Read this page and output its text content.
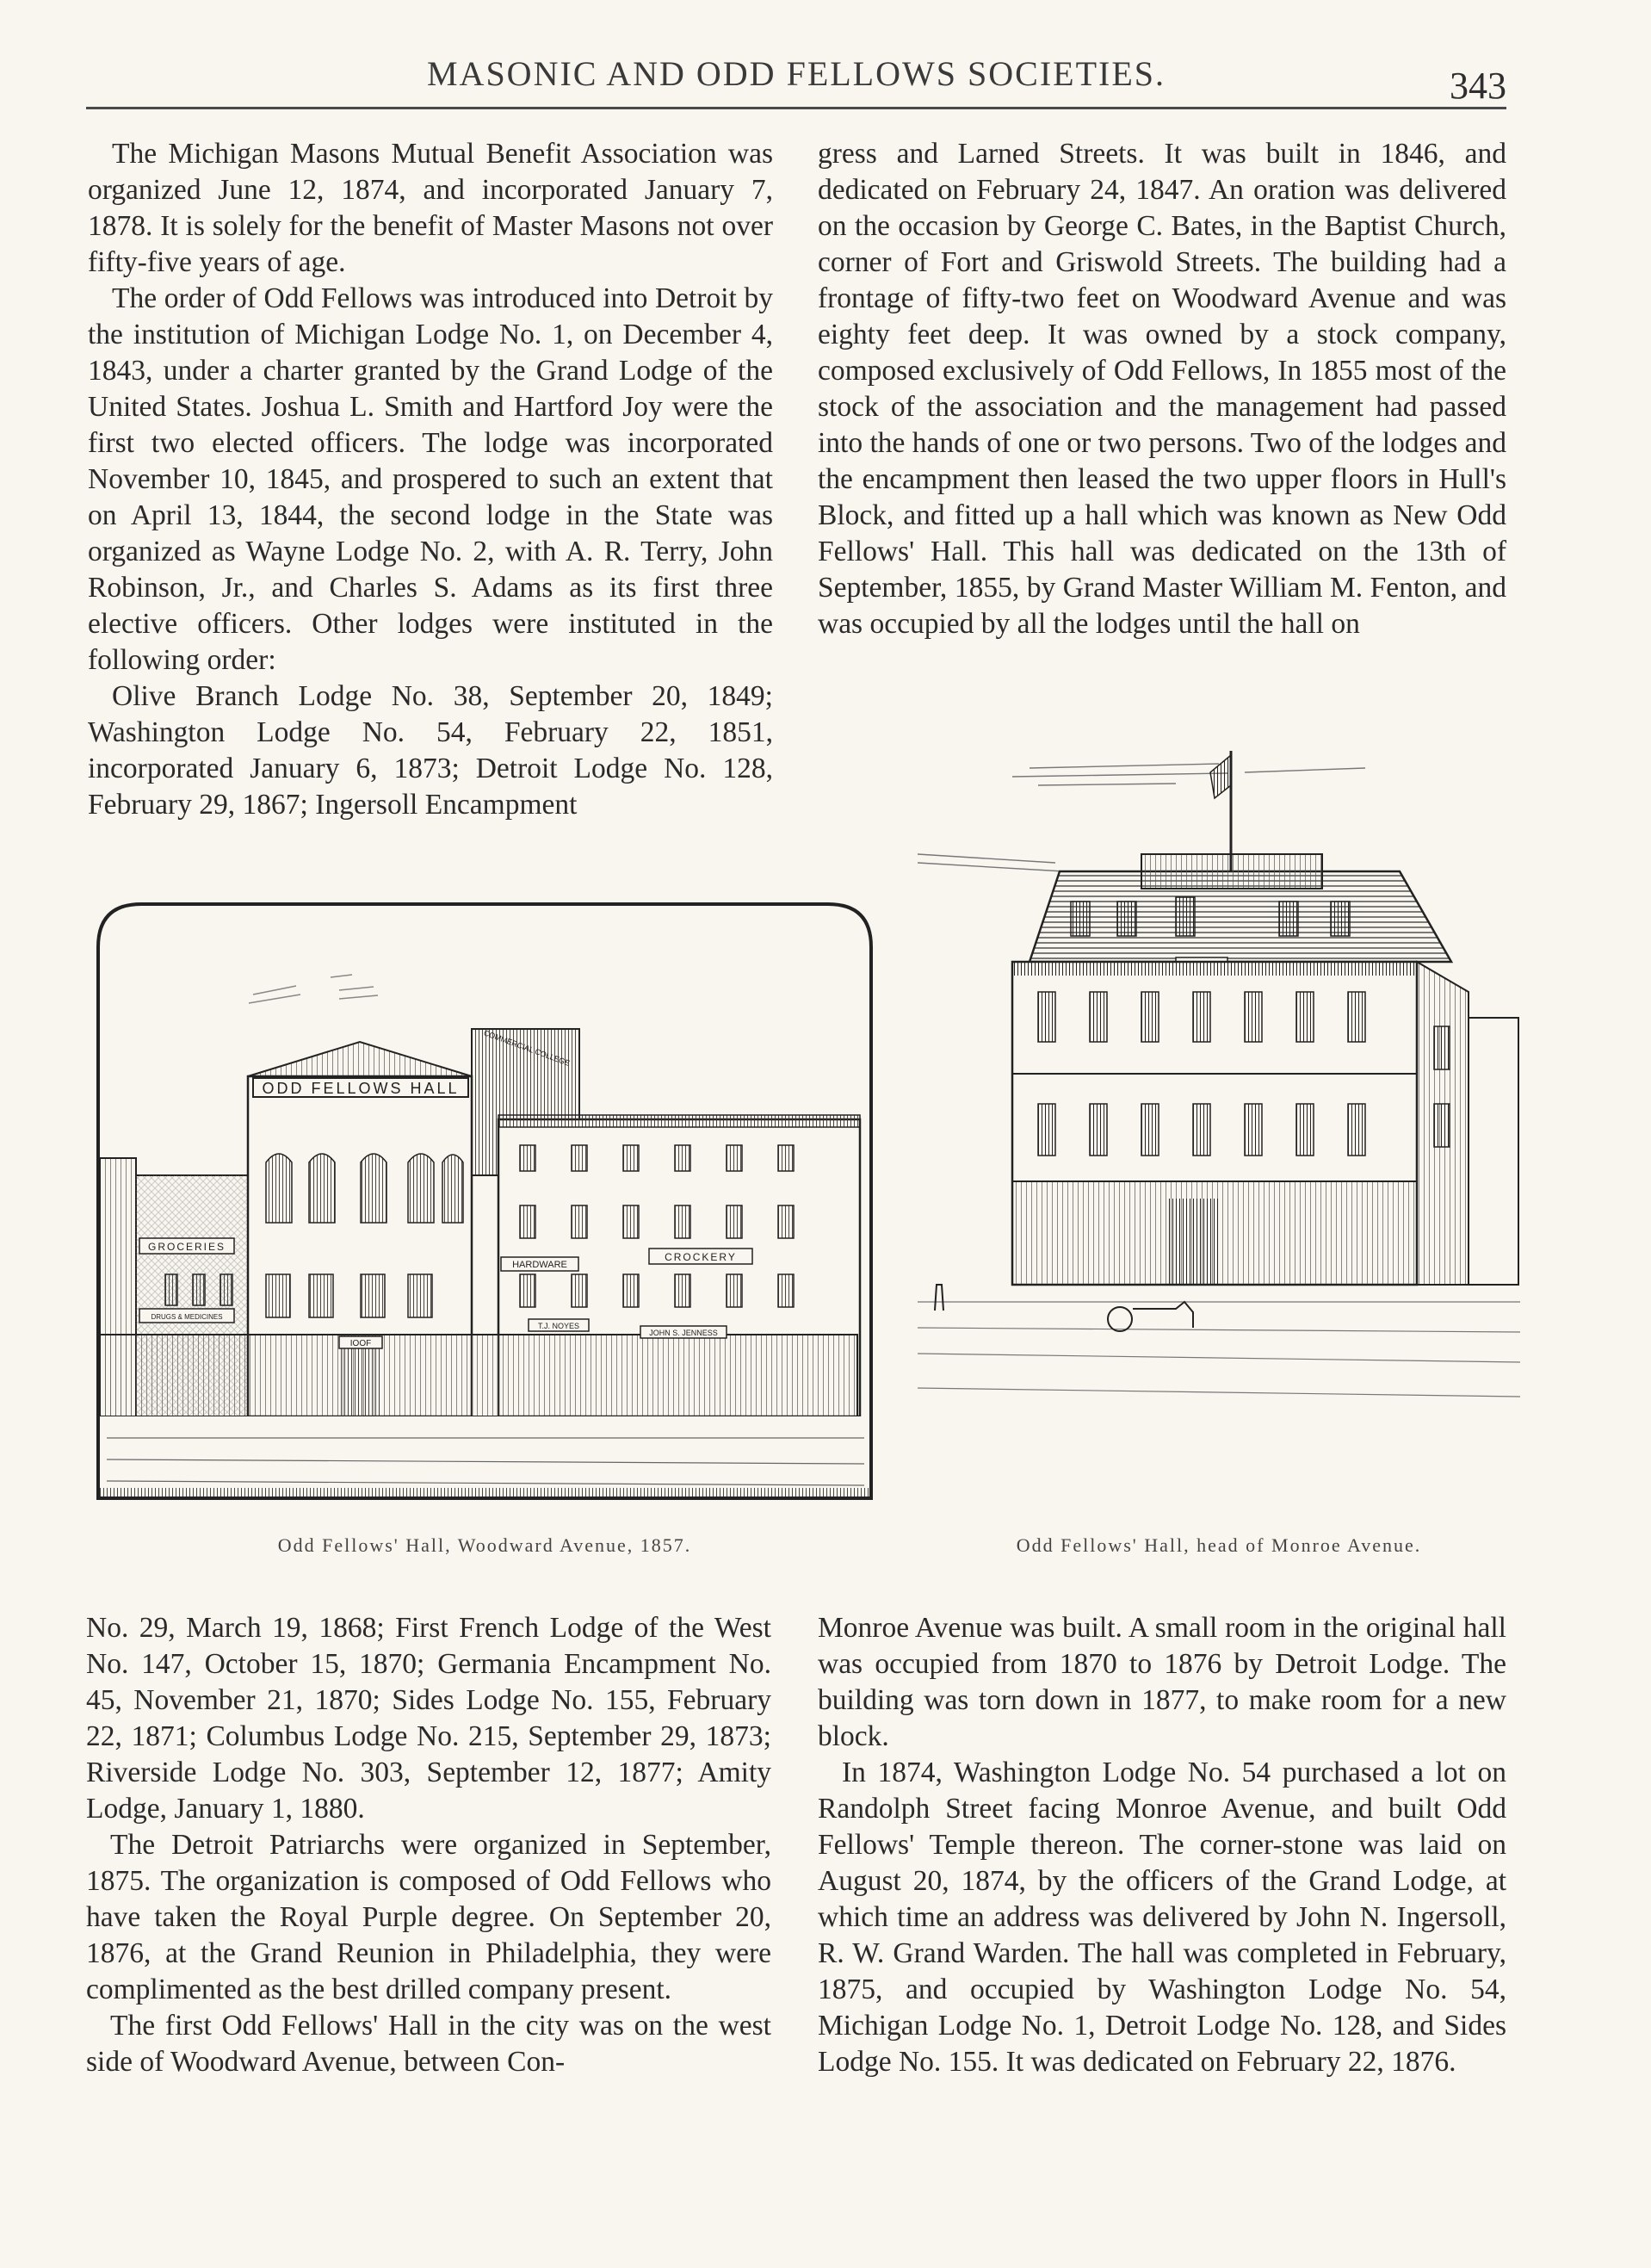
MASONIC AND ODD FELLOWS SOCIETIES.	343

The Michigan Masons Mutual Benefit Association was organized June 12, 1874, and incorporated January 7, 1878. It is solely for the benefit of Master Masons not over fifty-five years of age.

The order of Odd Fellows was introduced into Detroit by the institution of Michigan Lodge No. 1, on December 4, 1843, under a charter granted by the Grand Lodge of the United States. Joshua L. Smith and Hartford Joy were the first two elected officers. The lodge was incorporated November 10, 1845, and prospered to such an extent that on April 13, 1844, the second lodge in the State was organized as Wayne Lodge No. 2, with A. R. Terry, John Robinson, Jr., and Charles S. Adams as its first three elective officers. Other lodges were instituted in the following order:

Olive Branch Lodge No. 38, September 20, 1849; Washington Lodge No. 54, February 22, 1851, incorporated January 6, 1873; Detroit Lodge No. 128, February 29, 1867; Ingersoll Encampment

gress and Larned Streets. It was built in 1846, and dedicated on February 24, 1847. An oration was delivered on the occasion by George C. Bates, in the Baptist Church, corner of Fort and Griswold Streets. The building had a frontage of fifty-two feet on Woodward Avenue and was eighty feet deep. It was owned by a stock company, composed exclusively of Odd Fellows, In 1855 most of the stock of the association and the management had passed into the hands of one or two persons. Two of the lodges and the encampment then leased the two upper floors in Hull's Block, and fitted up a hall which was known as New Odd Fellows' Hall. This hall was dedicated on the 13th of September, 1855, by Grand Master William M. Fenton, and was occupied by all the lodges until the hall on

ODD FELLOWS HALL
COMMERCIAL COLLEGE
GROCERIES
DRUGS & MEDICINES
HARDWARE
CROCKERY
T.J. NOYES
JOHN S. JENNESS
IOOF
Odd Fellows' Hall, Woodward Avenue, 1857.	Odd Fellows' Hall, head of Monroe Avenue.

No. 29, March 19, 1868; First French Lodge of the West No. 147, October 15, 1870; Germania Encampment No. 45, November 21, 1870; Sides Lodge No. 155, February 22, 1871; Columbus Lodge No. 215, September 29, 1873; Riverside Lodge No. 303, September 12, 1877; Amity Lodge, January 1, 1880.

The Detroit Patriarchs were organized in September, 1875. The organization is composed of Odd Fellows who have taken the Royal Purple degree. On September 20, 1876, at the Grand Reunion in Philadelphia, they were complimented as the best drilled company present.

The first Odd Fellows' Hall in the city was on the west side of Woodward Avenue, between Con-

Monroe Avenue was built. A small room in the original hall was occupied from 1870 to 1876 by Detroit Lodge. The building was torn down in 1877, to make room for a new block.

In 1874, Washington Lodge No. 54 purchased a lot on Randolph Street facing Monroe Avenue, and built Odd Fellows' Temple thereon. The corner-stone was laid on August 20, 1874, by the officers of the Grand Lodge, at which time an address was delivered by John N. Ingersoll, R. W. Grand Warden. The hall was completed in February, 1875, and occupied by Washington Lodge No. 54, Michigan Lodge No. 1, Detroit Lodge No. 128, and Sides Lodge No. 155. It was dedicated on February 22, 1876.
